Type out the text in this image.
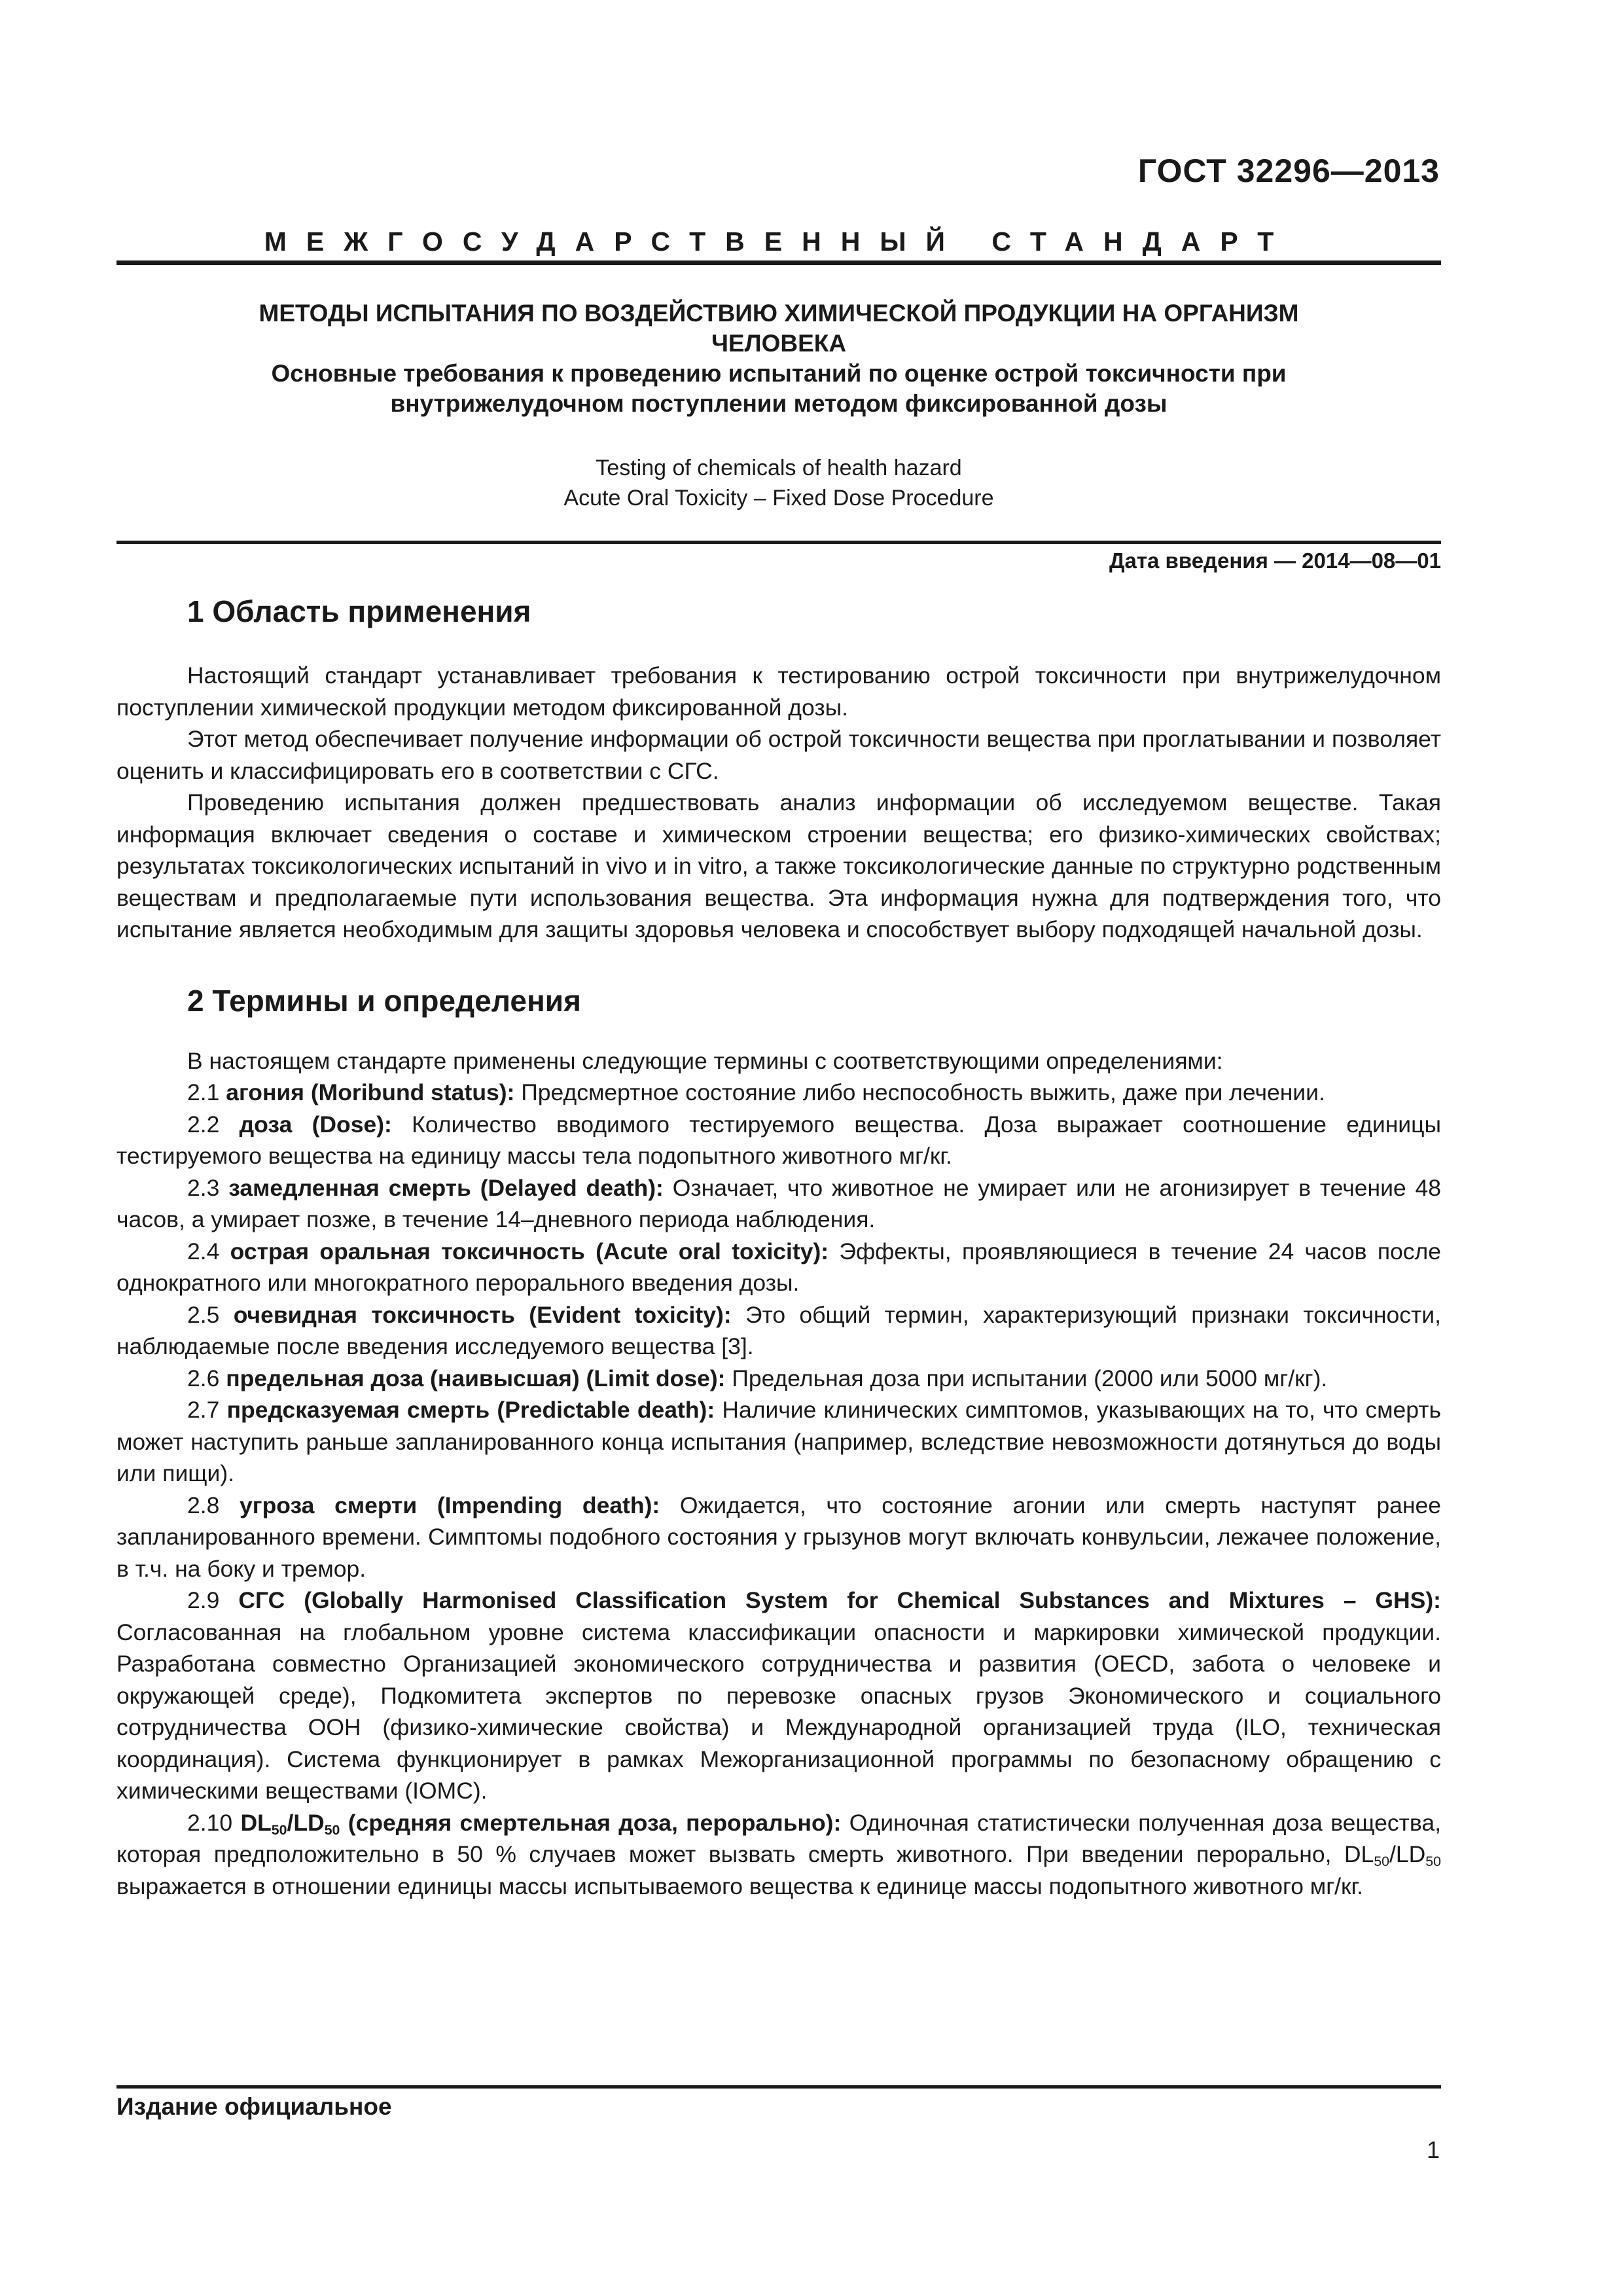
ГОСТ 32296—2013
МЕЖГОСУДАРСТВЕННЫЙ СТАНДАРТ
МЕТОДЫ ИСПЫТАНИЯ ПО ВОЗДЕЙСТВИЮ ХИМИЧЕСКОЙ ПРОДУКЦИИ НА ОРГАНИЗМ
ЧЕЛОВЕКА
Основные требования к проведению испытаний по оценке острой токсичности при
внутрижелудочном поступлении методом фиксированной дозы
Testing of chemicals of health hazard
Acute Oral Toxicity – Fixed Dose Procedure
Дата введения — 2014—08—01
1 Область применения

Настоящий стандарт устанавливает требования к тестированию острой токсичности при внутрижелудочном поступлении химической продукции методом фиксированной дозы.

Этот метод обеспечивает получение информации об острой токсичности вещества при проглатывании и позволяет оценить и классифицировать его в соответствии с СГС.

Проведению испытания должен предшествовать анализ информации об исследуемом веществе. Такая информация включает сведения о составе и химическом строении вещества; его физико-химических свойствах; результатах токсикологических испытаний in vivo и in vitro, а также токсикологические данные по структурно родственным веществам и предполагаемые пути использования вещества. Эта информация нужна для подтверждения того, что испытание является необходимым для защиты здоровья человека и способствует выбору подходящей начальной дозы.

2 Термины и определения

В настоящем стандарте применены следующие термины с соответствующими определениями:

2.1 агония (Moribund status): Предсмертное состояние либо неспособность выжить, даже при лечении.

2.2 доза (Dose): Количество вводимого тестируемого вещества. Доза выражает соотношение единицы тестируемого вещества на единицу массы тела подопытного животного мг/кг.

2.3 замедленная смерть (Delayed death): Означает, что животное не умирает или не агонизирует в течение 48 часов, а умирает позже, в течение 14–дневного периода наблюдения.

2.4 острая оральная токсичность (Acute oral toxicity): Эффекты, проявляющиеся в течение 24 часов после однократного или многократного перорального введения дозы.

2.5 очевидная токсичность (Evident toxicity): Это общий термин, характеризующий признаки токсичности, наблюдаемые после введения исследуемого вещества [3].

2.6 предельная доза (наивысшая) (Limit dose): Предельная доза при испытании (2000 или 5000 мг/кг).

2.7 предсказуемая смерть (Predictable death): Наличие клинических симптомов, указывающих на то, что смерть может наступить раньше запланированного конца испытания (например, вследствие невозможности дотянуться до воды или пищи).

2.8 угроза смерти (Impending death): Ожидается, что состояние агонии или смерть наступят ранее запланированного времени. Симптомы подобного состояния у грызунов могут включать конвульсии, лежачее положение, в т.ч. на боку и тремор.

2.9 СГС (Globally Harmonised Classification System for Chemical Substances and Mixtures – GHS): Согласованная на глобальном уровне система классификации опасности и маркировки химической продукции. Разработана совместно Организацией экономического сотрудничества и развития (OECD, забота о человеке и окружающей среде), Подкомитета экспертов по перевозке опасных грузов Экономического и социального сотрудничества ООН (физико-химические свойства) и Международной организацией труда (ILO, техническая координация). Система функционирует в рамках Межорганизационной программы по безопасному обращению с химическими веществами (IOMC).

2.10 $DL_{50}/LD_{50}$ (средняя смертельная доза, перорально): Одиночная статистически полученная доза вещества, которая предположительно в 50 % случаев может вызвать смерть животного. При введении перорально, $DL_{50}/LD_{50}$ выражается в отношении единицы массы испытываемого вещества к единице массы подопытного животного мг/кг.

Издание официальное
1
